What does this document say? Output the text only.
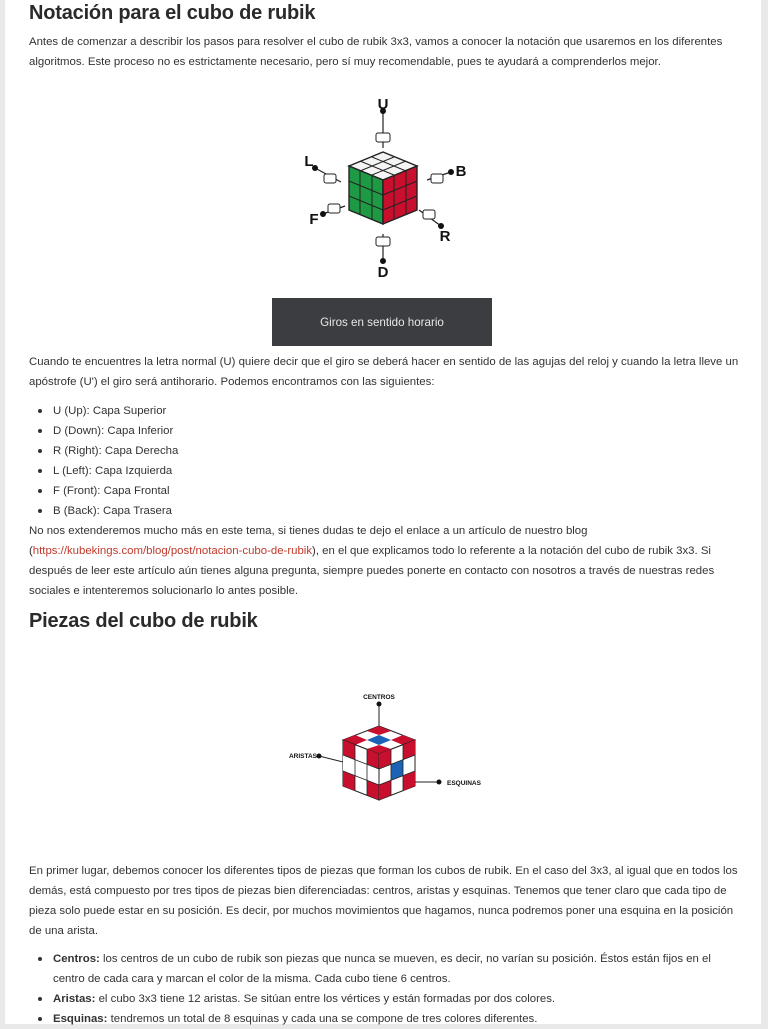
Notación para el cubo de rubik

Antes de comenzar a describir los pasos para resolver el cubo de rubik 3x3, vamos a conocer la notación que usaremos en los diferentes algoritmos. Este proceso no es estrictamente necesario, pero sí muy recomendable, pues te ayudará a comprenderlos mejor.

U
D
L
B
F
R
Giros en sentido horario

Cuando te encuentres la letra normal (U) quiere decir que el giro se deberá hacer en sentido de las agujas del reloj y cuando la letra lleve un apóstrofe (U') el giro será antihorario. Podemos encontramos con las siguientes:

U (Up): Capa Superior
D (Down): Capa Inferior
R (Right): Capa Derecha
L (Left): Capa Izquierda
F (Front): Capa Frontal
B (Back): Capa Trasera

No nos extenderemos mucho más en este tema, si tienes dudas te dejo el enlace a un artículo de nuestro blog (https://kubekings.com/blog/post/notacion-cubo-de-rubik), en el que explicamos todo lo referente a la notación del cubo de rubik 3x3. Si después de leer este artículo aún tienes alguna pregunta, siempre puedes ponerte en contacto con nosotros a través de nuestras redes sociales e intenteremos solucionarlo lo antes posible.

Piezas del cubo de rubik
CENTROS
ARISTAS
ESQUINAS

En primer lugar, debemos conocer los diferentes tipos de piezas que forman los cubos de rubik. En el caso del 3x3, al igual que en todos los demás, está compuesto por tres tipos de piezas bien diferenciadas: centros, aristas y esquinas. Tenemos que tener claro que cada tipo de pieza solo puede estar en su posición. Es decir, por muchos movimientos que hagamos, nunca podremos poner una esquina en la posición de una arista.

Centros: los centros de un cubo de rubik son piezas que nunca se mueven, es decir, no varían su posición. Éstos están fijos en el centro de cada cara y marcan el color de la misma. Cada cubo tiene 6 centros.
Aristas: el cubo 3x3 tiene 12 aristas. Se sitúan entre los vértices y están formadas por dos colores.
Esquinas: tendremos un total de 8 esquinas y cada una se compone de tres colores diferentes.
